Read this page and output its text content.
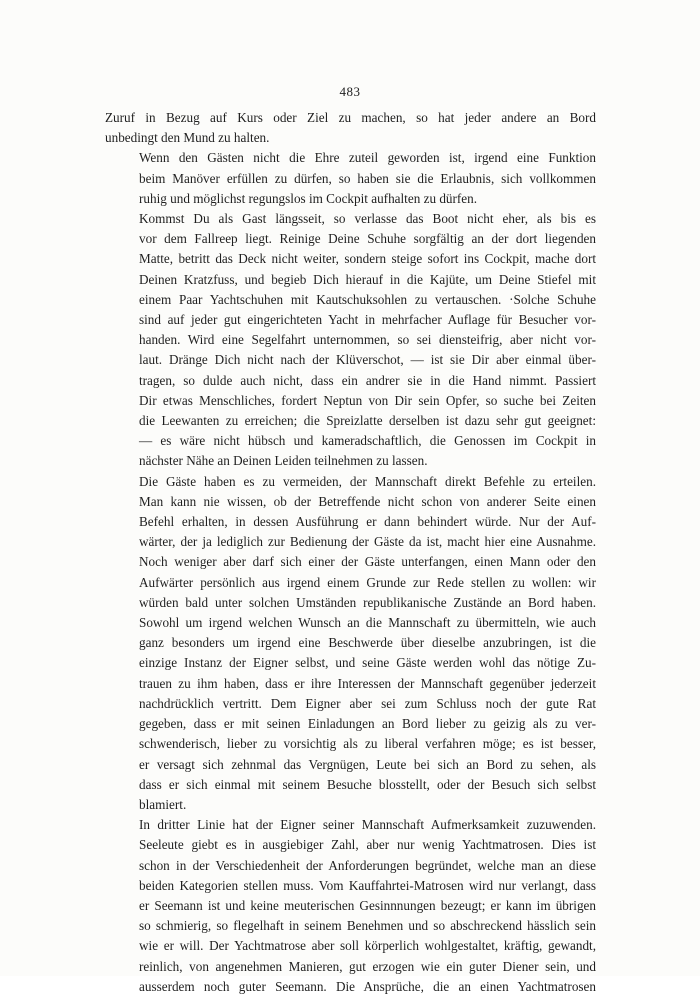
483
Zuruf in Bezug auf Kurs oder Ziel zu machen, so hat jeder andere an Bord
unbedingt den Mund zu halten.
Wenn den Gästen nicht die Ehre zuteil geworden ist, irgend eine Funktion
beim Manöver erfüllen zu dürfen, so haben sie die Erlaubnis, sich vollkommen
ruhig und möglichst regungslos im Cockpit aufhalten zu dürfen.
Kommst Du als Gast längsseit, so verlasse das Boot nicht eher, als bis es
vor dem Fallreep liegt. Reinige Deine Schuhe sorgfältig an der dort liegenden
Matte, betritt das Deck nicht weiter, sondern steige sofort ins Cockpit, mache dort
Deinen Kratzfuss, und begieb Dich hierauf in die Kajüte, um Deine Stiefel mit
einem Paar Yachtschuhen mit Kautschuksohlen zu vertauschen. ·Solche Schuhe
sind auf jeder gut eingerichteten Yacht in mehrfacher Auflage für Besucher vor-
handen. Wird eine Segelfahrt unternommen, so sei diensteifrig, aber nicht vor-
laut. Dränge Dich nicht nach der Klüverschot, — ist sie Dir aber einmal über-
tragen, so dulde auch nicht, dass ein andrer sie in die Hand nimmt. Passiert
Dir etwas Menschliches, fordert Neptun von Dir sein Opfer, so suche bei Zeiten
die Leewanten zu erreichen; die Spreizlatte derselben ist dazu sehr gut geeignet:
— es wäre nicht hübsch und kameradschaftlich, die Genossen im Cockpit in
nächster Nähe an Deinen Leiden teilnehmen zu lassen.
Die Gäste haben es zu vermeiden, der Mannschaft direkt Befehle zu erteilen.
Man kann nie wissen, ob der Betreffende nicht schon von anderer Seite einen
Befehl erhalten, in dessen Ausführung er dann behindert würde. Nur der Auf-
wärter, der ja lediglich zur Bedienung der Gäste da ist, macht hier eine Ausnahme.
Noch weniger aber darf sich einer der Gäste unterfangen, einen Mann oder den
Aufwärter persönlich aus irgend einem Grunde zur Rede stellen zu wollen: wir
würden bald unter solchen Umständen republikanische Zustände an Bord haben.
Sowohl um irgend welchen Wunsch an die Mannschaft zu übermitteln, wie auch
ganz besonders um irgend eine Beschwerde über dieselbe anzubringen, ist die
einzige Instanz der Eigner selbst, und seine Gäste werden wohl das nötige Zu-
trauen zu ihm haben, dass er ihre Interessen der Mannschaft gegenüber jederzeit
nachdrücklich vertritt. Dem Eigner aber sei zum Schluss noch der gute Rat
gegeben, dass er mit seinen Einladungen an Bord lieber zu geizig als zu ver-
schwenderisch, lieber zu vorsichtig als zu liberal verfahren möge; es ist besser,
er versagt sich zehnmal das Vergnügen, Leute bei sich an Bord zu sehen, als
dass er sich einmal mit seinem Besuche blosstellt, oder der Besuch sich selbst
blamiert.
In dritter Linie hat der Eigner seiner Mannschaft Aufmerksamkeit zuzuwenden.
Seeleute giebt es in ausgiebiger Zahl, aber nur wenig Yachtmatrosen. Dies ist
schon in der Verschiedenheit der Anforderungen begründet, welche man an diese
beiden Kategorien stellen muss. Vom Kauffahrtei-Matrosen wird nur verlangt, dass
er Seemann ist und keine meuterischen Gesinnnungen bezeugt; er kann im übrigen
so schmierig, so flegelhaft in seinem Benehmen und so abschreckend hässlich sein
wie er will. Der Yachtmatrose aber soll körperlich wohlgestaltet, kräftig, gewandt,
reinlich, von angenehmen Manieren, gut erzogen wie ein guter Diener sein, und
ausserdem noch guter Seemann. Die Ansprüche, die an einen Yachtmatrosen
